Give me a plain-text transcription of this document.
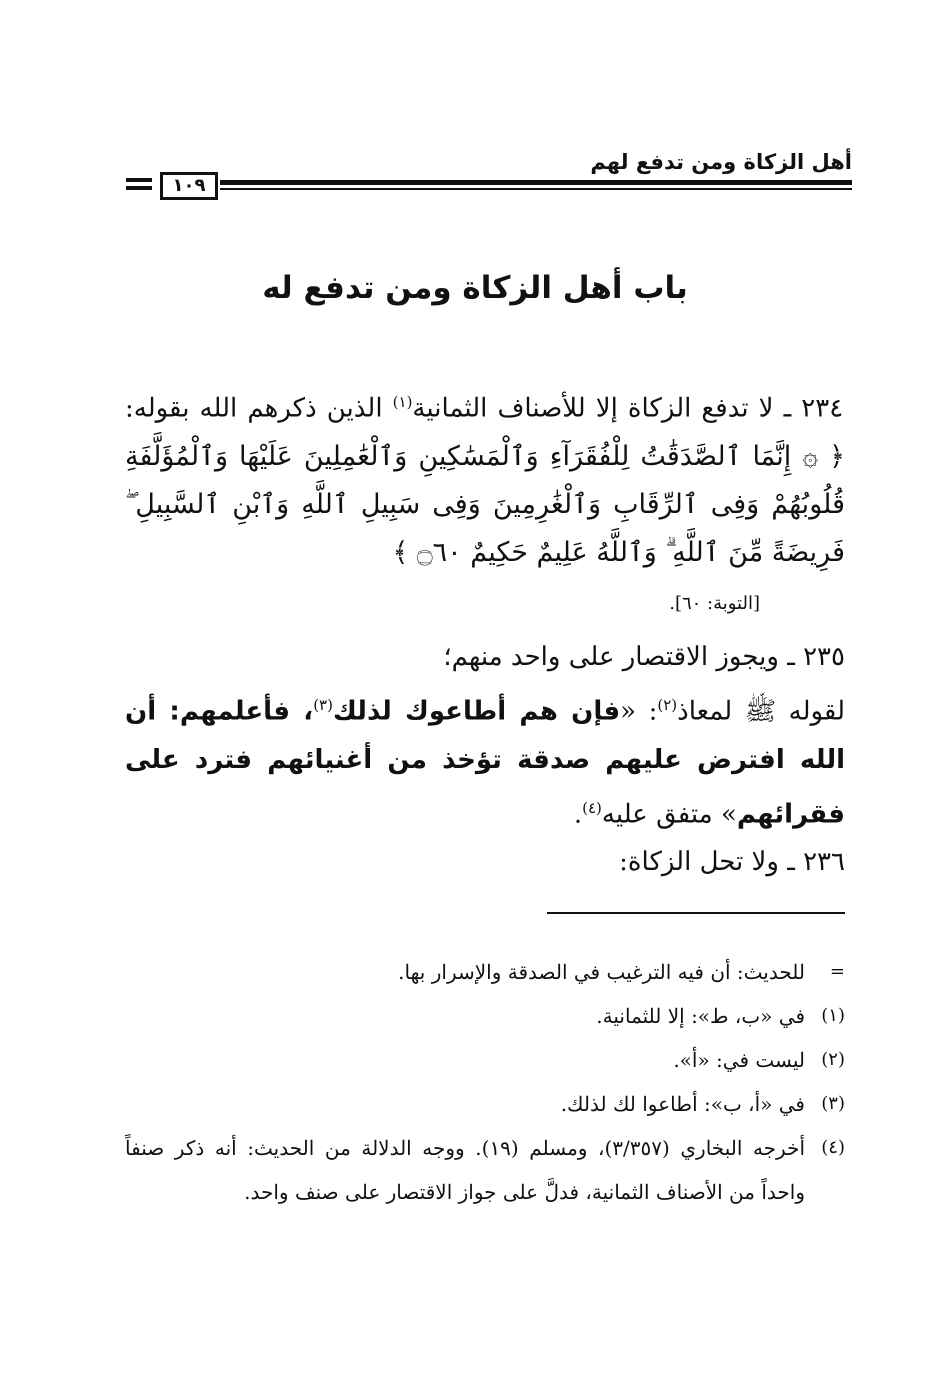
أهل الزكاة ومن تدفع لهم
١٠٩
باب أهل الزكاة ومن تدفع له
٢٣٤ ـ لا تدفع الزكاة إلا للأصناف الثمانية$^{(١)}$ الذين ذكرهم الله بقوله: ﴿ ۞ إِنَّمَا ٱلصَّدَقَٰتُ لِلْفُقَرَآءِ وَٱلْمَسَٰكِينِ وَٱلْعَٰمِلِينَ عَلَيْهَا وَٱلْمُؤَلَّفَةِ قُلُوبُهُمْ وَفِى ٱلرِّقَابِ وَٱلْغَٰرِمِينَ وَفِى سَبِيلِ ٱللَّهِ وَٱبْنِ ٱلسَّبِيلِ ۖ فَرِيضَةً مِّنَ ٱللَّهِ ۗ وَٱللَّهُ عَلِيمٌ حَكِيمٌ ۝٦٠ ﴾
[التوبة: ٦٠].
٢٣٥ ـ ويجوز الاقتصار على واحد منهم؛
لقوله ﷺ لمعاذ$^{(٢)}$: «فإن هم أطاعوك لذلك$^{(٣)}$، فأعلمهم: أن الله افترض عليهم صدقة تؤخذ من أغنيائهم فترد على فقرائهم» متفق عليه$^{(٤)}$.
٢٣٦ ـ ولا تحل الزكاة:
=
للحديث: أن فيه الترغيب في الصدقة والإسرار بها.
(١)
في «ب، ط»: إلا للثمانية.
(٢)
ليست في: «أ».
(٣)
في «أ، ب»: أطاعوا لك لذلك.
(٤)
أخرجه البخاري (٣/٣٥٧)، ومسلم (١٩). ووجه الدلالة من الحديث: أنه ذكر صنفاً واحداً من الأصناف الثمانية، فدلَّ على جواز الاقتصار على صنف واحد.
